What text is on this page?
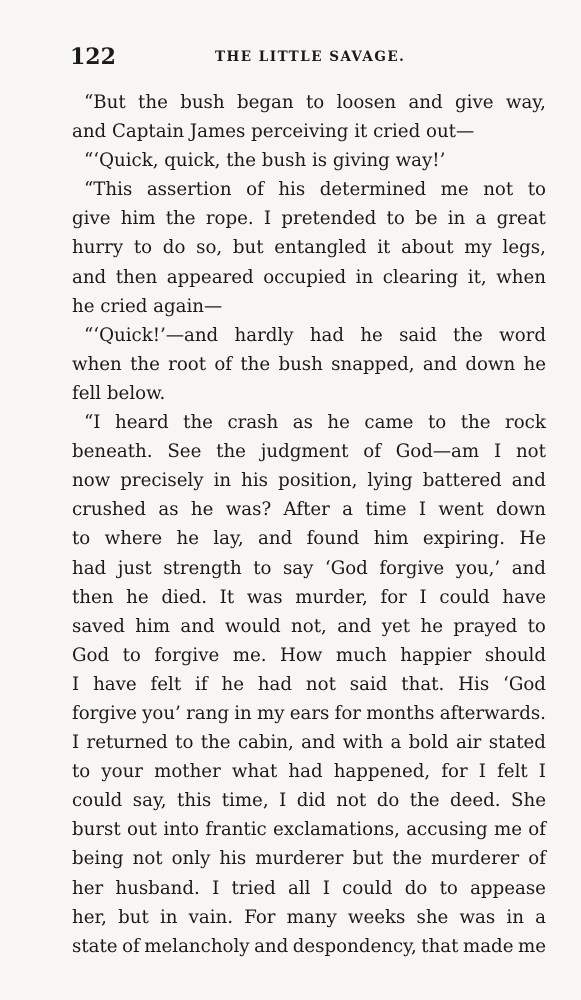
122	THE LITTLE SAVAGE.
“But the bush began to loosen and give way,
and Captain James perceiving it cried out—
“‘Quick, quick, the bush is giving way!’
“This assertion of his determined me not to
give him the rope. I pretended to be in a great
hurry to do so, but entangled it about my legs,
and then appeared occupied in clearing it, when
he cried again—
“‘Quick!’—and hardly had he said the word
when the root of the bush snapped, and down he
fell below.
“I heard the crash as he came to the rock
beneath. See the judgment of God—am I not
now precisely in his position, lying battered and
crushed as he was? After a time I went down
to where he lay, and found him expiring. He
had just strength to say ‘God forgive you,’ and
then he died. It was murder, for I could have
saved him and would not, and yet he prayed to
God to forgive me. How much happier should
I have felt if he had not said that. His ‘God
forgive you’ rang in my ears for months afterwards.
I returned to the cabin, and with a bold air stated
to your mother what had happened, for I felt I
could say, this time, I did not do the deed. She
burst out into frantic exclamations, accusing me of
being not only his murderer but the murderer of
her husband. I tried all I could do to appease
her, but in vain. For many weeks she was in a
state of melancholy and despondency, that made me
